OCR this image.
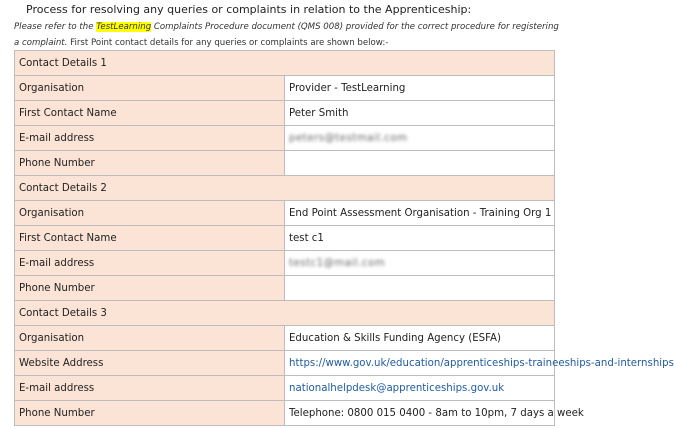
Process for resolving any queries or complaints in relation to the Apprenticeship:
Please refer to the TestLearning Complaints Procedure document (QMS 008) provided for the correct procedure for registering a complaint. First Point contact details for any queries or complaints are shown below:-
Contact Details 1	
Organisation	Provider - TestLearning
First Contact Name	Peter Smith
E-mail address	peters@testmail.com
Phone Number	
Contact Details 2	
Organisation	End Point Assessment Organisation - Training Org 1
First Contact Name	test c1
E-mail address	testc1@mail.com
Phone Number	
Contact Details 3	
Organisation	Education & Skills Funding Agency (ESFA)
Website Address	https://www.gov.uk/education/apprenticeships-traineeships-and-internships
E-mail address	nationalhelpdesk@apprenticeships.gov.uk
Phone Number	Telephone: 0800 015 0400 - 8am to 10pm, 7 days a week
